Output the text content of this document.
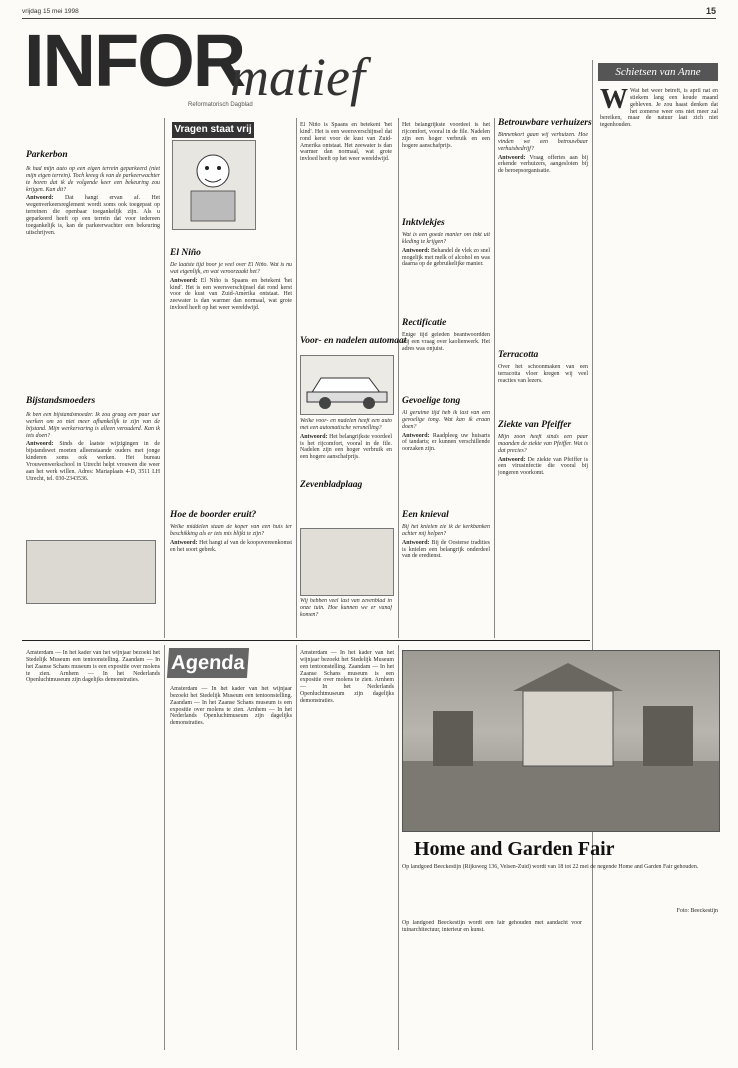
vrijdag 15 mei 1998	15
INFOR
matief
Reformatorisch Dagblad
Vragen staat vrij
Schietsen van Anne
Parkerbon

Ik had mijn auto op een eigen terrein geparkeerd (niet mijn eigen terrein). Toch kreeg ik van de parkeerwachter te horen dat ik de volgende keer een bekeuring zou krijgen. Kan dit?

Antwoord: Dat hangt ervan af. Het wegenverkeersreglement wordt soms ook toegepast op terreinen die openbaar toegankelijk zijn. Als u geparkeerd heeft op een terrein dat voor iedereen toegankelijk is, kan de parkeerwachter een bekeuring uitschrijven.

Bijstandsmoeders

Ik ben een bijstandsmoeder. Ik zou graag een paar uur werken om zo niet meer afhankelijk te zijn van de bijstand. Mijn werkervaring is alleen verouderd. Kan ik iets doen?

Antwoord: Sinds de laatste wijzigingen in de bijstandswet moeten alleenstaande ouders met jonge kinderen soms ook werken. Het bureau Vrouwenwerkschool in Utrecht helpt vrouwen die weer aan het werk willen. Adres: Mariaplaats 4-D, 3511 LH Utrecht, tel. 030-2343536.

El Niño

De laatste tijd hoor je veel over El Niño. Wat is nu wat eigenlijk, en wat veroorzaakt het?

Antwoord: El Niño is Spaans en betekent 'het kind'. Het is een weersverschijnsel dat rond kerst voor de kust van Zuid-Amerika ontstaat. Het zeewater is dan warmer dan normaal, wat grote invloed heeft op het weer wereldwijd.

Hoe de boorder eruit?

Welke middelen staan de koper van een huis ter beschikking als er iets mis blijkt te zijn?

Antwoord: Het hangt af van de koopovereenkomst en het soort gebrek.

Zevenbladplaag

Wij hebben veel last van zevenblad in onze tuin. Hoe kunnen we er vanaf komen?

Voor- en nadelen automaat

Welke voor- en nadelen heeft een auto met een automatische versnelling?

Antwoord: Het belangrijkste voordeel is het rijcomfort, vooral in de file. Nadelen zijn een hoger verbruik en een hogere aanschafprijs.

El Niño is Spaans en betekent 'het kind'. Het is een weersverschijnsel dat rond kerst voor de kust van Zuid-Amerika ontstaat. Het zeewater is dan warmer dan normaal, wat grote invloed heeft op het weer wereldwijd.

Een knieval

Bij het knielen zie ik de kerkbanken achter mij helpen?

Antwoord: Bij de Oosterse tradities is knielen een belangrijk onderdeel van de eredienst.

Inktvlekjes

Wat is een goede manier om inkt uit kleding te krijgen?

Antwoord: Behandel de vlek zo snel mogelijk met melk of alcohol en was daarna op de gebruikelijke manier.

Rectificatie

Enige tijd geleden beantwoordden wij een vraag over kaolienwerk. Het adres was onjuist.

Gevoelige tong

Al geruime tijd heb ik last van een gevoelige tong. Wat kan ik eraan doen?

Antwoord: Raadpleeg uw huisarts of tandarts; er kunnen verschillende oorzaken zijn.

Het belangrijkste voordeel is het rijcomfort, vooral in de file. Nadelen zijn een hoger verbruik en een hogere aanschafprijs.

Betrouwbare verhuizers

Binnenkort gaan wij verhuizen. Hoe vinden we een betrouwbaar verhuisbedrijf?

Antwoord: Vraag offertes aan bij erkende verhuizers, aangesloten bij de beroepsorganisatie.

Terracotta

Over het schoonmaken van een terracotta vloer kregen wij veel reacties van lezers.

Ziekte van Pfeiffer

Mijn zoon heeft sinds een paar maanden de ziekte van Pfeiffer. Wat is dat precies?

Antwoord: De ziekte van Pfeiffer is een virusinfectie die vooral bij jongeren voorkomt.

W Wat het weer betreft, is april nat en stiekem lang een koude maand gebleven. Je zou haast denken dat het zomerse weer ons niet meer zal bereiken, maar de natuur laat zich niet tegenhouden.

Amsterdam — In het kader van het wijnjaar bezoekt het Stedelijk Museum een tentoonstelling. Zaandam — In het Zaanse Schans museum is een expositie over molens te zien. Arnhem — In het Nederlands Openluchtmuseum zijn dagelijks demonstraties.

Agenda

Amsterdam — In het kader van het wijnjaar bezoekt het Stedelijk Museum een tentoonstelling. Zaandam — In het Zaanse Schans museum is een expositie over molens te zien. Arnhem — In het Nederlands Openluchtmuseum zijn dagelijks demonstraties.

Amsterdam — In het kader van het wijnjaar bezoekt het Stedelijk Museum een tentoonstelling. Zaandam — In het Zaanse Schans museum is een expositie over molens te zien. Arnhem — In het Nederlands Openluchtmuseum zijn dagelijks demonstraties.

Home and Garden Fair

Op landgoed Beeckestijn (Rijksweg 136, Velsen-Zuid) wordt van 18 tot 22 mei de negende Home and Garden Fair gehouden.

Foto: Beeckestijn

Op landgoed Beeckestijn wordt een fair gehouden met aandacht voor tuinarchitectuur, interieur en kunst.
